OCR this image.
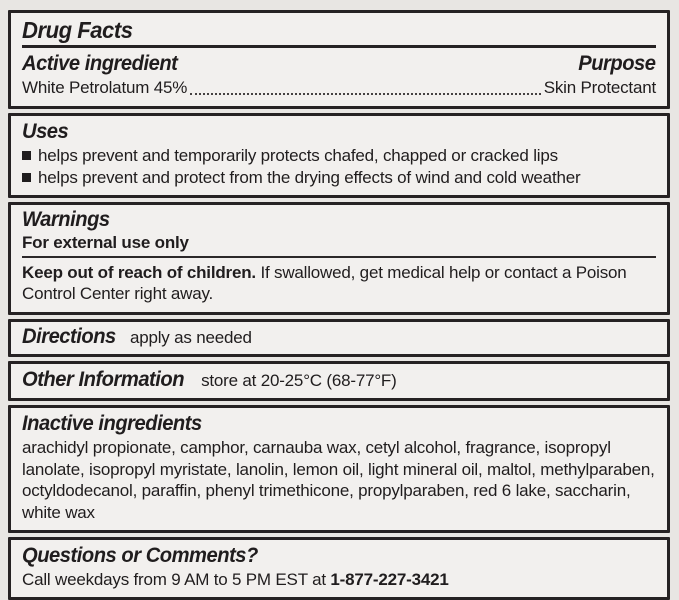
Drug Facts
Active ingredient	Purpose
White Petrolatum 45%	Skin Protectant
Uses
helps prevent and temporarily protects chafed, chapped or cracked lips
helps prevent and protect from the drying effects of wind and cold weather
Warnings
For external use only
Keep out of reach of children. If swallowed, get medical help or contact a Poison Control Center right away.
Directions apply as needed
Other Information store at 20-25°C (68-77°F)
Inactive ingredients
arachidyl propionate, camphor, carnauba wax, cetyl alcohol, fragrance, isopropyl lanolate, isopropyl myristate, lanolin, lemon oil, light mineral oil, maltol, methylparaben, octyldodecanol, paraffin, phenyl trimethicone, propylparaben, red 6 lake, saccharin, white wax
Questions or Comments?
Call weekdays from 9 AM to 5 PM EST at 1-877-227-3421
